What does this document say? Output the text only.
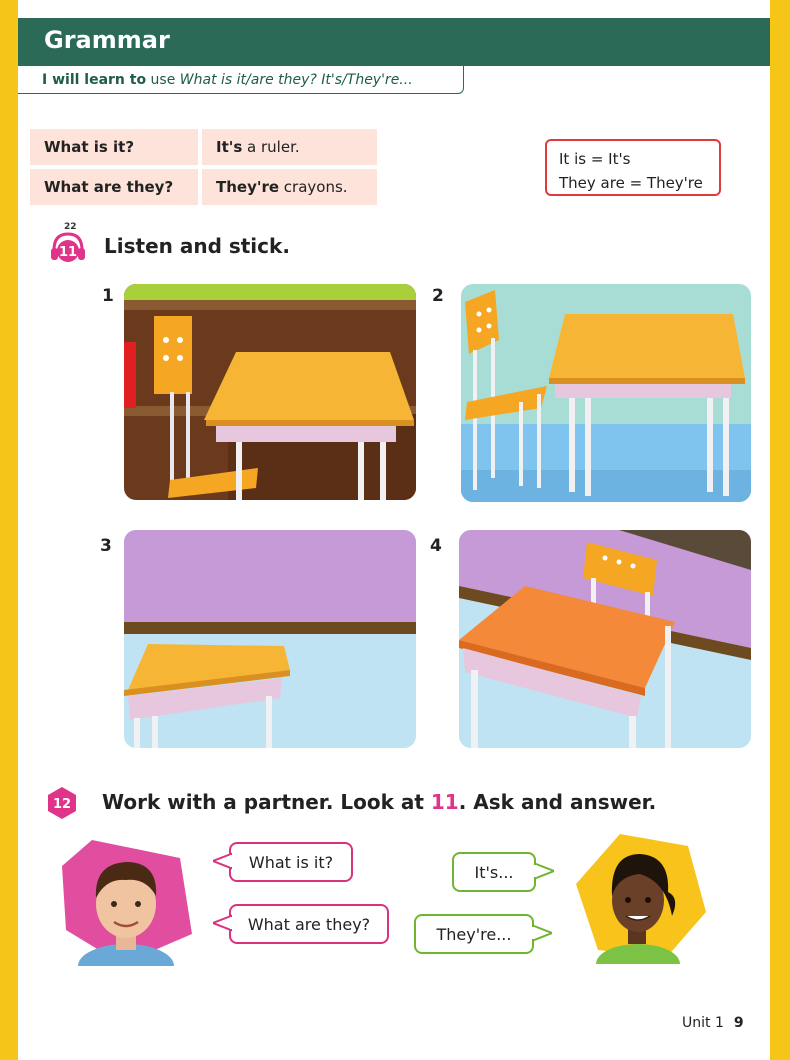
Grammar
I will learn to use What is it/are they? It's/They're...
What is it?	It's a ruler.
What are they?	They're crayons.
It is = It's
They are = They're
22
11 Listen and stick.
1	2
3	4
12 Work with a partner. Look at 11. Ask and answer.
What is it?
What are they?
It's...
They're...
Unit 1 9
